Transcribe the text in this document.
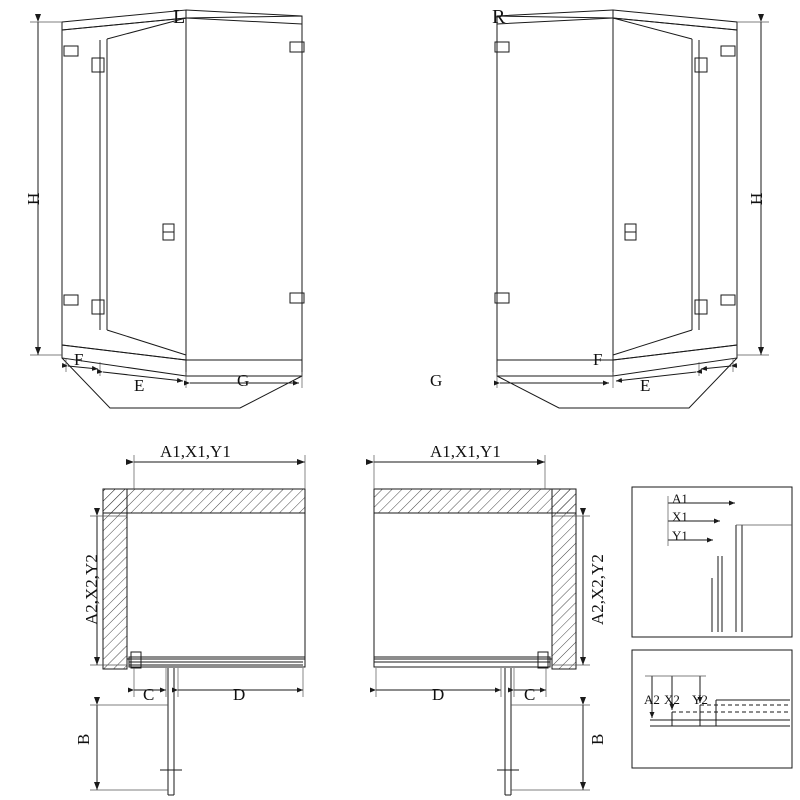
L	R
H	H
F
E	G	G	E
F
A1,X1,Y1	A1,X1,Y1
A2,X2,Y2	A2,X2,Y2
C	D	D	C
B	B
A1
X1
Y1
A2 X2 Y2
